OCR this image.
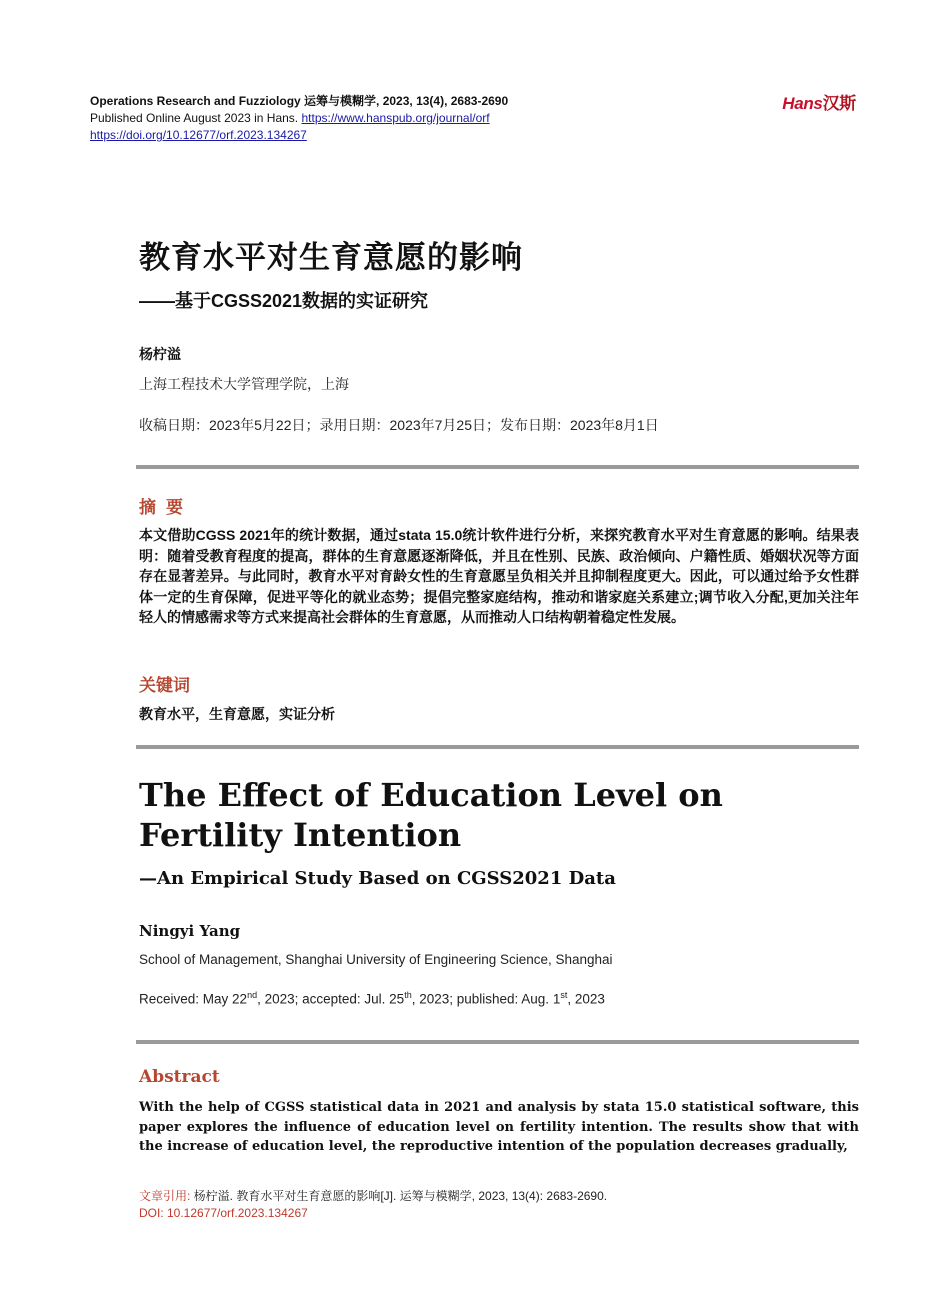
Operations Research and Fuzziology 运筹与模糊学, 2023, 13(4), 2683-2690
Published Online August 2023 in Hans. https://www.hanspub.org/journal/orf
https://doi.org/10.12677/orf.2023.134267
Hans汉斯
教育水平对生育意愿的影响
——基于CGSS2021数据的实证研究
杨柠溢
上海工程技术大学管理学院，上海
收稿日期：2023年5月22日；录用日期：2023年7月25日；发布日期：2023年8月1日
摘要
本文借助CGSS 2021年的统计数据，通过stata 15.0统计软件进行分析，来探究教育水平对生育意愿的影响。结果表明：随着受教育程度的提高，群体的生育意愿逐渐降低，并且在性别、民族、政治倾向、户籍性质、婚姻状况等方面存在显著差异。与此同时，教育水平对育龄女性的生育意愿呈负相关并且抑制程度更大。因此，可以通过给予女性群体一定的生育保障，促进平等化的就业态势；提倡完整家庭结构，推动和谐家庭关系建立;调节收入分配,更加关注年轻人的情感需求等方式来提高社会群体的生育意愿，从而推动人口结构朝着稳定性发展。
关键词
教育水平，生育意愿，实证分析
The Effect of Education Level on Fertility Intention
—An Empirical Study Based on CGSS2021 Data
Ningyi Yang
School of Management, Shanghai University of Engineering Science, Shanghai
Received: May 22nd, 2023; accepted: Jul. 25th, 2023; published: Aug. 1st, 2023
Abstract
With the help of CGSS statistical data in 2021 and analysis by stata 15.0 statistical software, this paper explores the influence of education level on fertility intention. The results show that with the increase of education level, the reproductive intention of the population decreases gradually,
文章引用: 杨柠溢. 教育水平对生育意愿的影响[J]. 运筹与模糊学, 2023, 13(4): 2683-2690.
DOI: 10.12677/orf.2023.134267
